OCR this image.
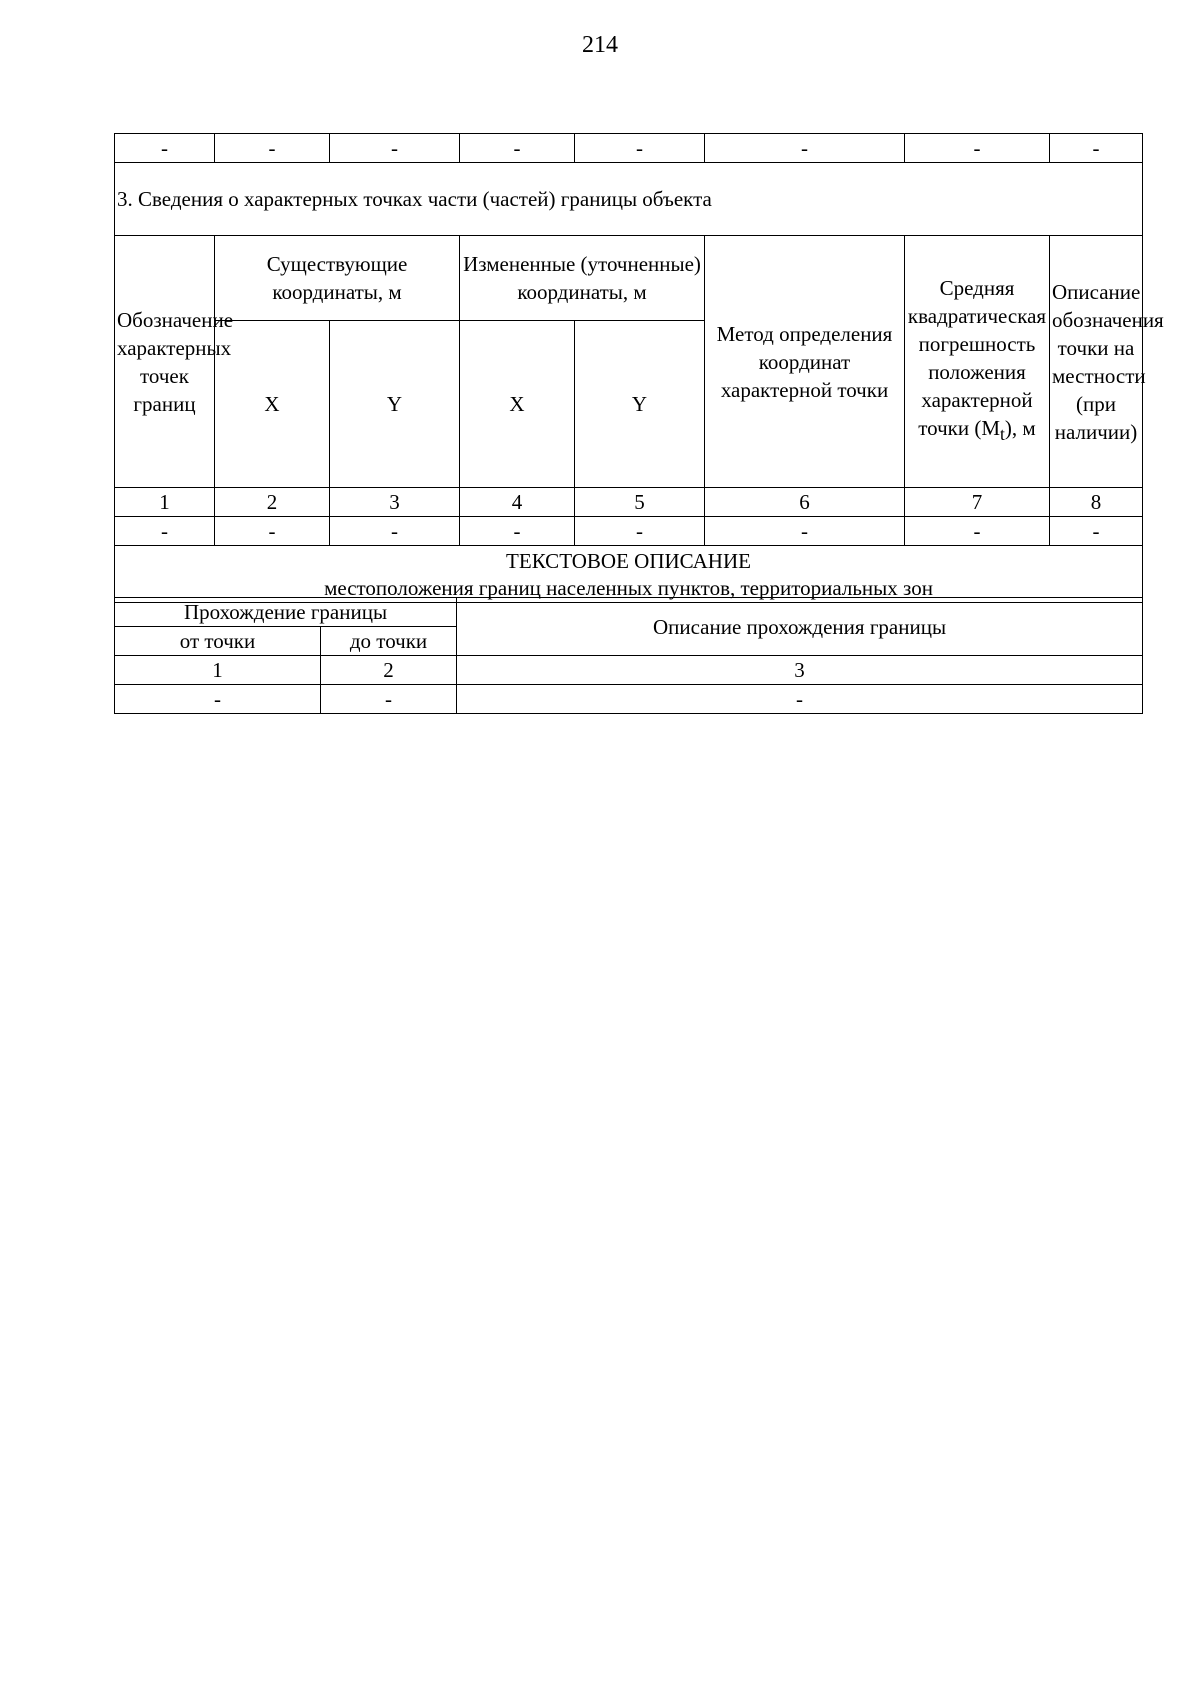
214
-	-	-	-	-	-	-	-
3. Сведения о характерных точках части (частей) границы объекта							
Обозначение характерных точек границ	Существующие координаты, м		Измененные (уточненные) координаты, м		Метод определения координат характерной точки	Средняя квадратическая погрешность положения характерной точки $(M_t)$, м	Описание обозначения точки на местности (при наличии)
	X	Y	X	Y			
1	2	3	4	5	6	7	8
-	-	-	-	-	-	-	-

ТЕКСТОВОЕ ОПИСАНИЕ
местоположения границ населенных пунктов, территориальных зон							
Прохождение границы		Описание прохождения границы
от точки	до точки	
1	2	3
-	-	-
